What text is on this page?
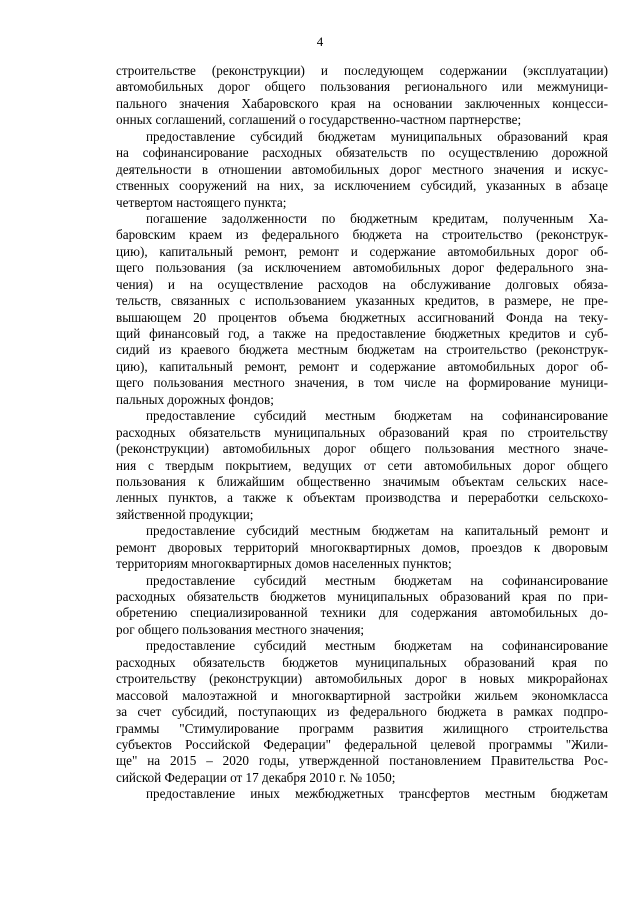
4
строительстве (реконструкции) и последующем содержании (эксплуатации)
автомобильных дорог общего пользования регионального или межмуници-
пального значения Хабаровского края на основании заключенных концесси-
онных соглашений, соглашений о государственно-частном партнерстве;
предоставление субсидий бюджетам муниципальных образований края
на софинансирование расходных обязательств по осуществлению дорожной
деятельности в отношении автомобильных дорог местного значения и искус-
ственных сооружений на них, за исключением субсидий, указанных в абзаце
четвертом настоящего пункта;
погашение задолженности по бюджетным кредитам, полученным Ха-
баровским краем из федерального бюджета на строительство (реконструк-
цию), капитальный ремонт, ремонт и содержание автомобильных дорог об-
щего пользования (за исключением автомобильных дорог федерального зна-
чения) и на осуществление расходов на обслуживание долговых обяза-
тельств, связанных с использованием указанных кредитов, в размере, не пре-
вышающем 20 процентов объема бюджетных ассигнований Фонда на теку-
щий финансовый год, а также на предоставление бюджетных кредитов и суб-
сидий из краевого бюджета местным бюджетам на строительство (реконструк-
цию), капитальный ремонт, ремонт и содержание автомобильных дорог об-
щего пользования местного значения, в том числе на формирование муници-
пальных дорожных фондов;
предоставление субсидий местным бюджетам на софинансирование
расходных обязательств муниципальных образований края по строительству
(реконструкции) автомобильных дорог общего пользования местного значе-
ния с твердым покрытием, ведущих от сети автомобильных дорог общего
пользования к ближайшим общественно значимым объектам сельских насе-
ленных пунктов, а также к объектам производства и переработки сельскохо-
зяйственной продукции;
предоставление субсидий местным бюджетам на капитальный ремонт и
ремонт дворовых территорий многоквартирных домов, проездов к дворовым
территориям многоквартирных домов населенных пунктов;
предоставление субсидий местным бюджетам на софинансирование
расходных обязательств бюджетов муниципальных образований края по при-
обретению специализированной техники для содержания автомобильных до-
рог общего пользования местного значения;
предоставление субсидий местным бюджетам на софинансирование
расходных обязательств бюджетов муниципальных образований края по
строительству (реконструкции) автомобильных дорог в новых микрорайонах
массовой малоэтажной и многоквартирной застройки жильем экономкласса
за счет субсидий, поступающих из федерального бюджета в рамках подпро-
граммы "Стимулирование программ развития жилищного строительства
субъектов Российской Федерации" федеральной целевой программы "Жили-
ще" на 2015 – 2020 годы, утвержденной постановлением Правительства Рос-
сийской Федерации от 17 декабря 2010 г. № 1050;
предоставление иных межбюджетных трансфертов местным бюджетам
